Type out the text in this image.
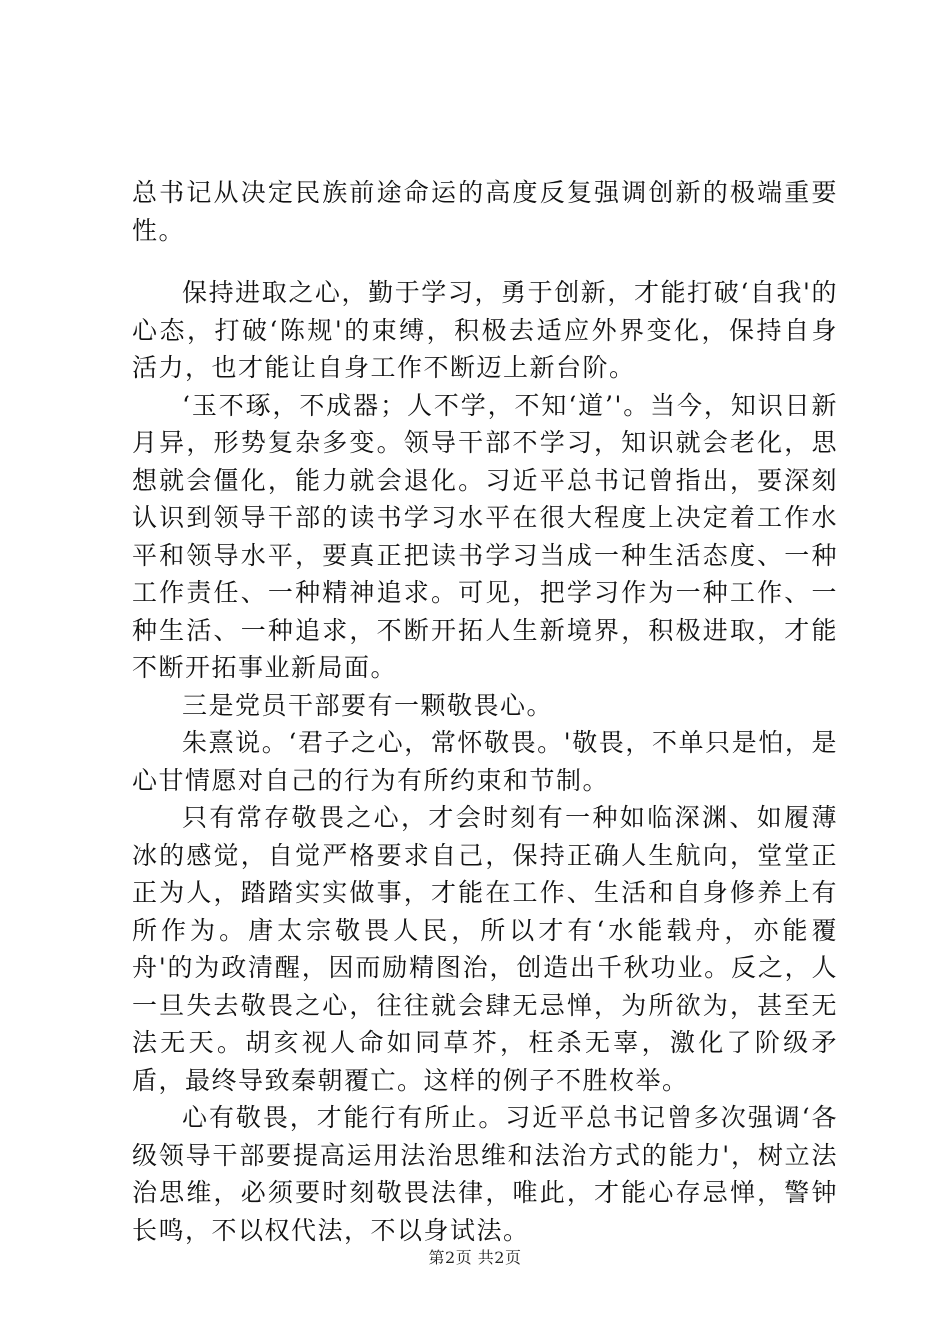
总书记从决定民族前途命运的高度反复强调创新的极端重要性。

保持进取之心，勤于学习，勇于创新，才能打破‘自我'的心态，打破‘陈规'的束缚，积极去适应外界变化，保持自身活力，也才能让自身工作不断迈上新台阶。

‘玉不琢，不成器；人不学，不知‘道’'。当今，知识日新月异，形势复杂多变。领导干部不学习，知识就会老化，思想就会僵化，能力就会退化。习近平总书记曾指出，要深刻认识到领导干部的读书学习水平在很大程度上决定着工作水平和领导水平，要真正把读书学习当成一种生活态度、一种工作责任、一种精神追求。可见，把学习作为一种工作、一种生活、一种追求，不断开拓人生新境界，积极进取，才能不断开拓事业新局面。

三是党员干部要有一颗敬畏心。

朱熹说。‘君子之心，常怀敬畏。'敬畏，不单只是怕，是心甘情愿对自己的行为有所约束和节制。

只有常存敬畏之心，才会时刻有一种如临深渊、如履薄冰的感觉，自觉严格要求自己，保持正确人生航向，堂堂正正为人，踏踏实实做事，才能在工作、生活和自身修养上有所作为。唐太宗敬畏人民，所以才有‘水能载舟，亦能覆舟'的为政清醒，因而励精图治，创造出千秋功业。反之，人一旦失去敬畏之心，往往就会肆无忌惮，为所欲为，甚至无法无天。胡亥视人命如同草芥，枉杀无辜，激化了阶级矛盾，最终导致秦朝覆亡。这样的例子不胜枚举。

心有敬畏，才能行有所止。习近平总书记曾多次强调‘各级领导干部要提高运用法治思维和法治方式的能力'，树立法治思维，必须要时刻敬畏法律，唯此，才能心存忌惮，警钟长鸣，不以权代法，不以身试法。

第2页 共2页
